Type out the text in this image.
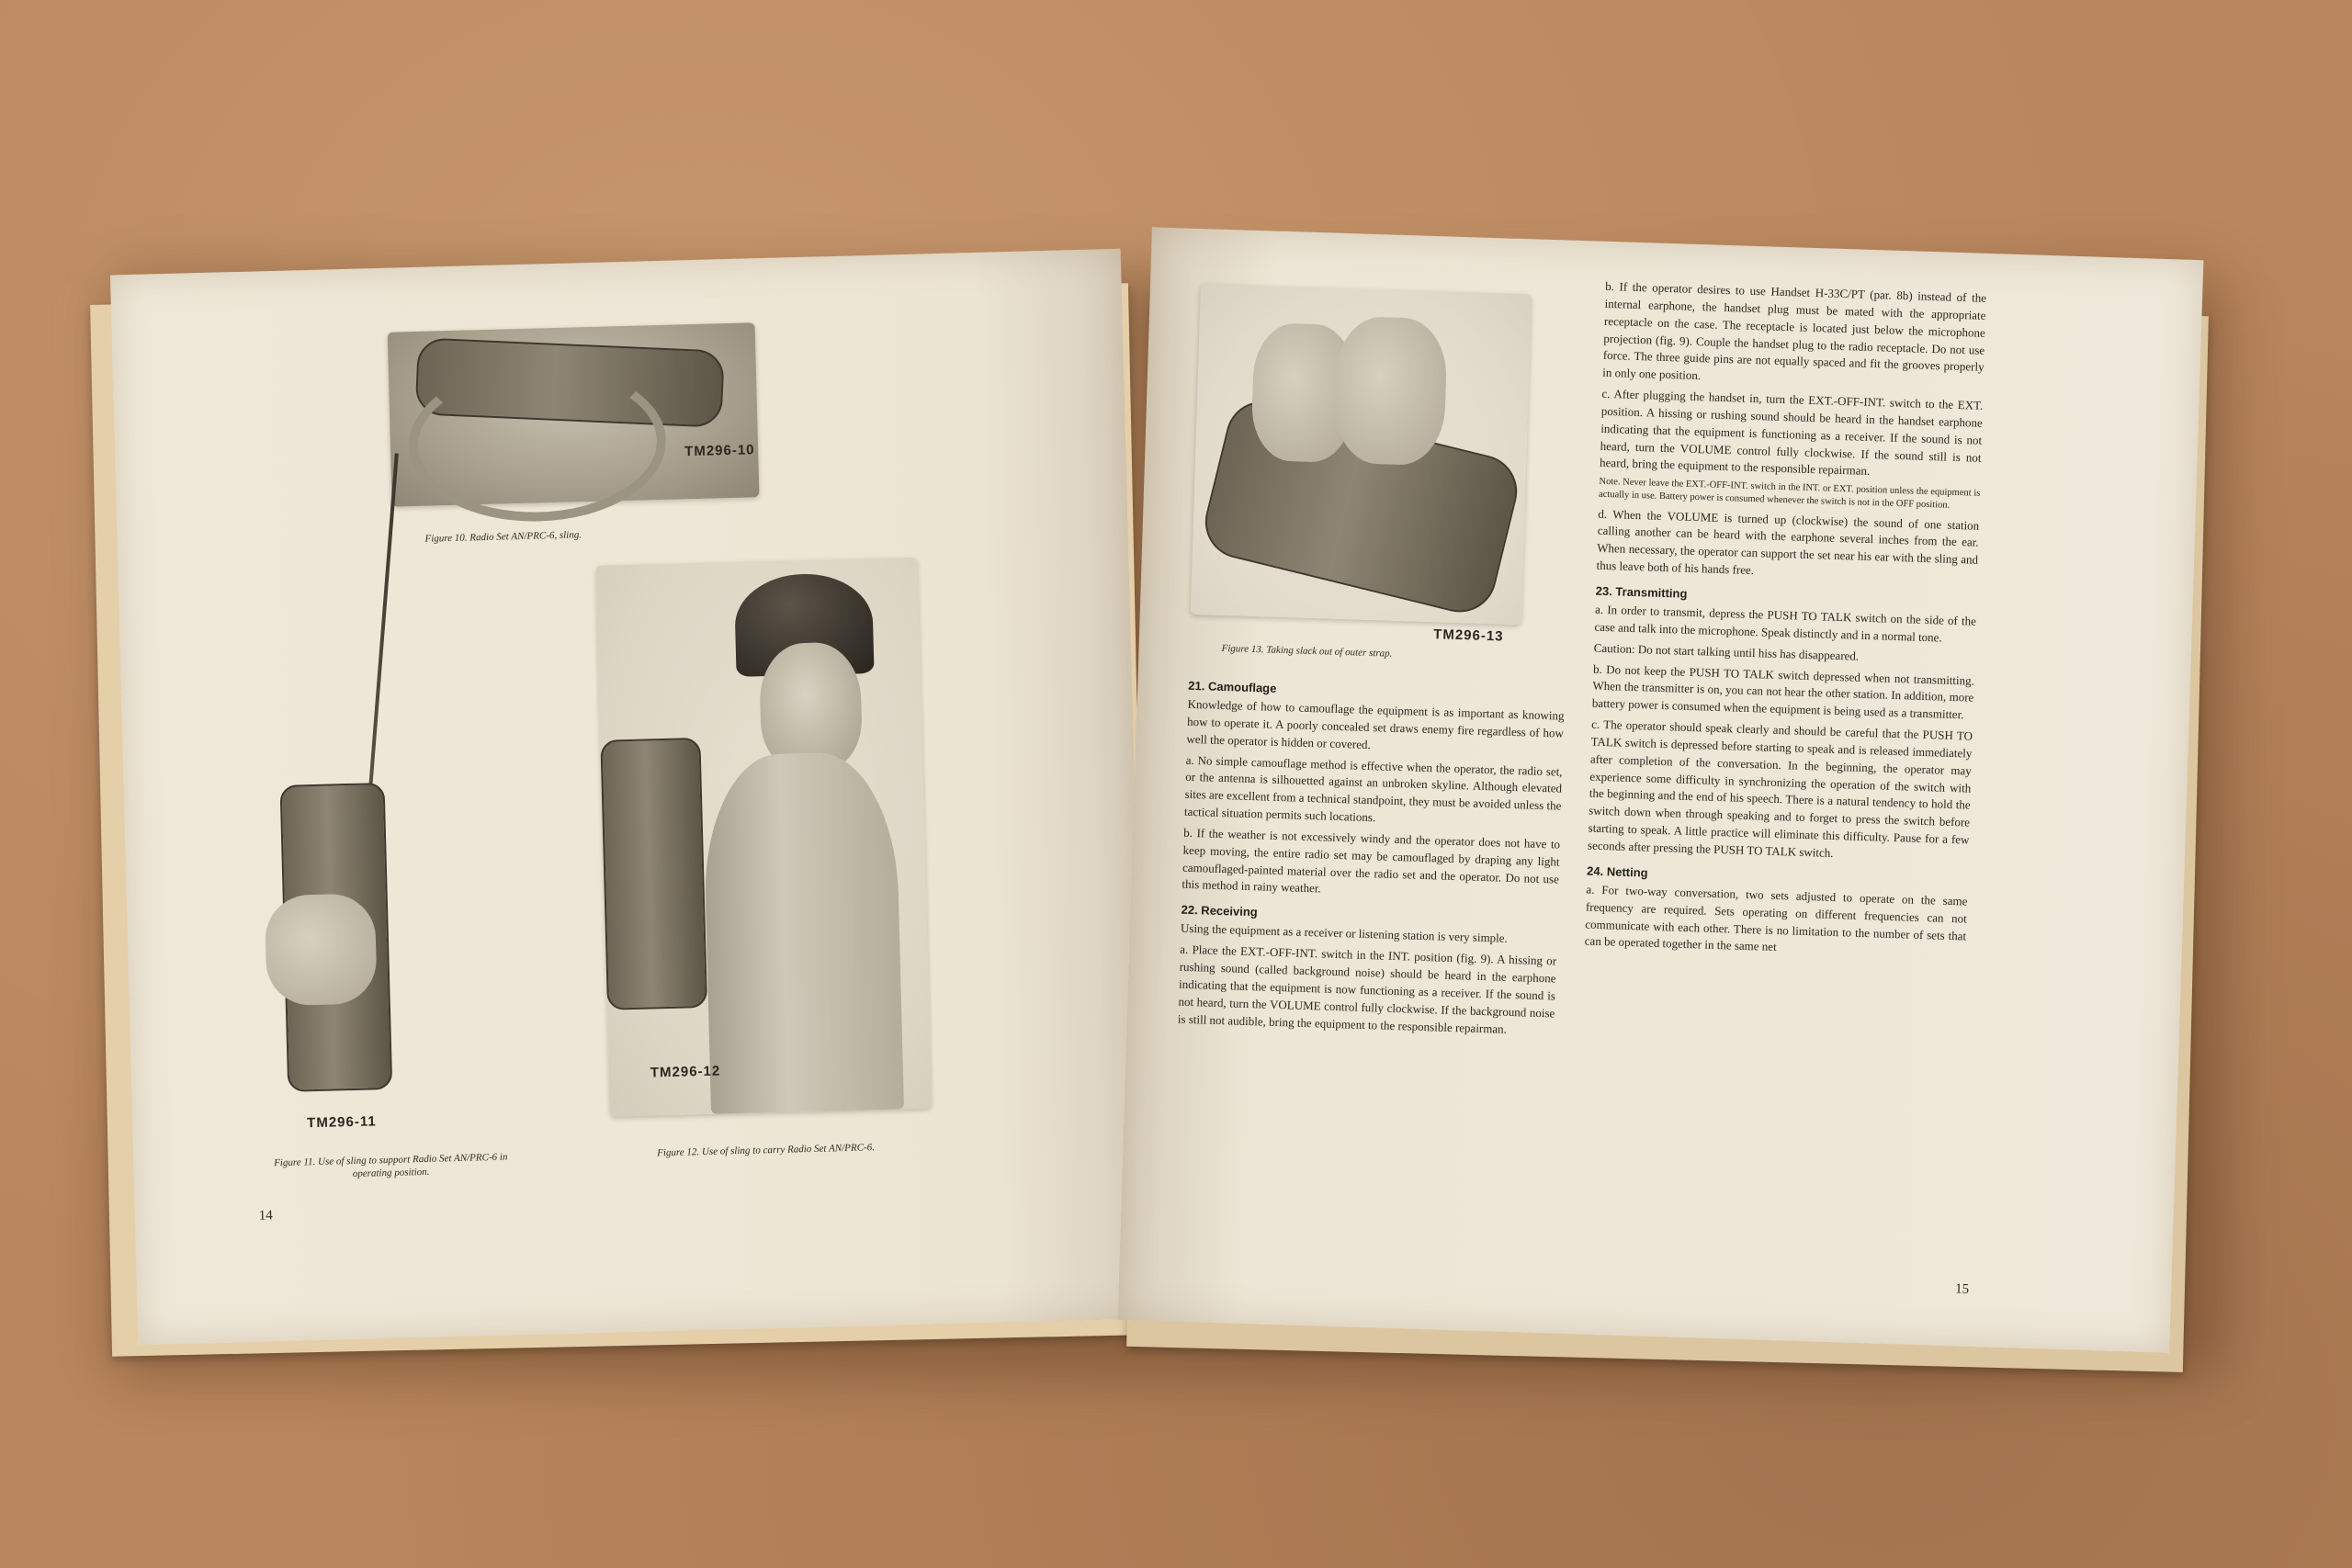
TM296-10
Figure 10. Radio Set AN/PRC-6, sling.
TM296-11
Figure 11. Use of sling to support Radio Set AN/PRC-6 in operating position.
TM296-12
Figure 12. Use of sling to carry Radio Set AN/PRC-6.
14
TM296-13
Figure 13. Taking slack out of outer strap.
21. Camouflage

Knowledge of how to camouflage the equipment is as important as knowing how to operate it. A poorly concealed set draws enemy fire regardless of how well the operator is hidden or covered.

a. No simple camouflage method is effective when the operator, the radio set, or the antenna is silhouetted against an unbroken skyline. Although elevated sites are excellent from a technical standpoint, they must be avoided unless the tactical situation permits such locations.

b. If the weather is not excessively windy and the operator does not have to keep moving, the entire radio set may be camouflaged by draping any light camouflaged-painted material over the radio set and the operator. Do not use this method in rainy weather.

22. Receiving

Using the equipment as a receiver or listening station is very simple.

a. Place the EXT.-OFF-INT. switch in the INT. position (fig. 9). A hissing or rushing sound (called background noise) should be heard in the earphone indicating that the equipment is now functioning as a receiver. If the sound is not heard, turn the VOLUME control fully clockwise. If the background noise is still not audible, bring the equipment to the responsible repairman.

b. If the operator desires to use Handset H-33C/PT (par. 8b) instead of the internal earphone, the handset plug must be mated with the appropriate receptacle on the case. The receptacle is located just below the microphone projection (fig. 9). Couple the handset plug to the radio receptacle. Do not use force. The three guide pins are not equally spaced and fit the grooves properly in only one position.

c. After plugging the handset in, turn the EXT.-OFF-INT. switch to the EXT. position. A hissing or rushing sound should be heard in the handset earphone indicating that the equipment is functioning as a receiver. If the sound is not heard, turn the VOLUME control fully clockwise. If the sound still is not heard, bring the equipment to the responsible repairman.

Note. Never leave the EXT.-OFF-INT. switch in the INT. or EXT. position unless the equipment is actually in use. Battery power is consumed whenever the switch is not in the OFF position.

d. When the VOLUME is turned up (clockwise) the sound of one station calling another can be heard with the earphone several inches from the ear. When necessary, the operator can support the set near his ear with the sling and thus leave both of his hands free.

23. Transmitting

a. In order to transmit, depress the PUSH TO TALK switch on the side of the case and talk into the microphone. Speak distinctly and in a normal tone.

Caution: Do not start talking until hiss has disappeared.

b. Do not keep the PUSH TO TALK switch depressed when not transmitting. When the transmitter is on, you can not hear the other station. In addition, more battery power is consumed when the equipment is being used as a transmitter.

c. The operator should speak clearly and should be careful that the PUSH TO TALK switch is depressed before starting to speak and is released immediately after completion of the conversation. In the beginning, the operator may experience some difficulty in synchronizing the operation of the switch with the beginning and the end of his speech. There is a natural tendency to hold the switch down when through speaking and to forget to press the switch before starting to speak. A little practice will eliminate this difficulty. Pause for a few seconds after pressing the PUSH TO TALK switch.

24. Netting

a. For two-way conversation, two sets adjusted to operate on the same frequency are required. Sets operating on different frequencies can not communicate with each other. There is no limitation to the number of sets that can be operated together in the same net

15
